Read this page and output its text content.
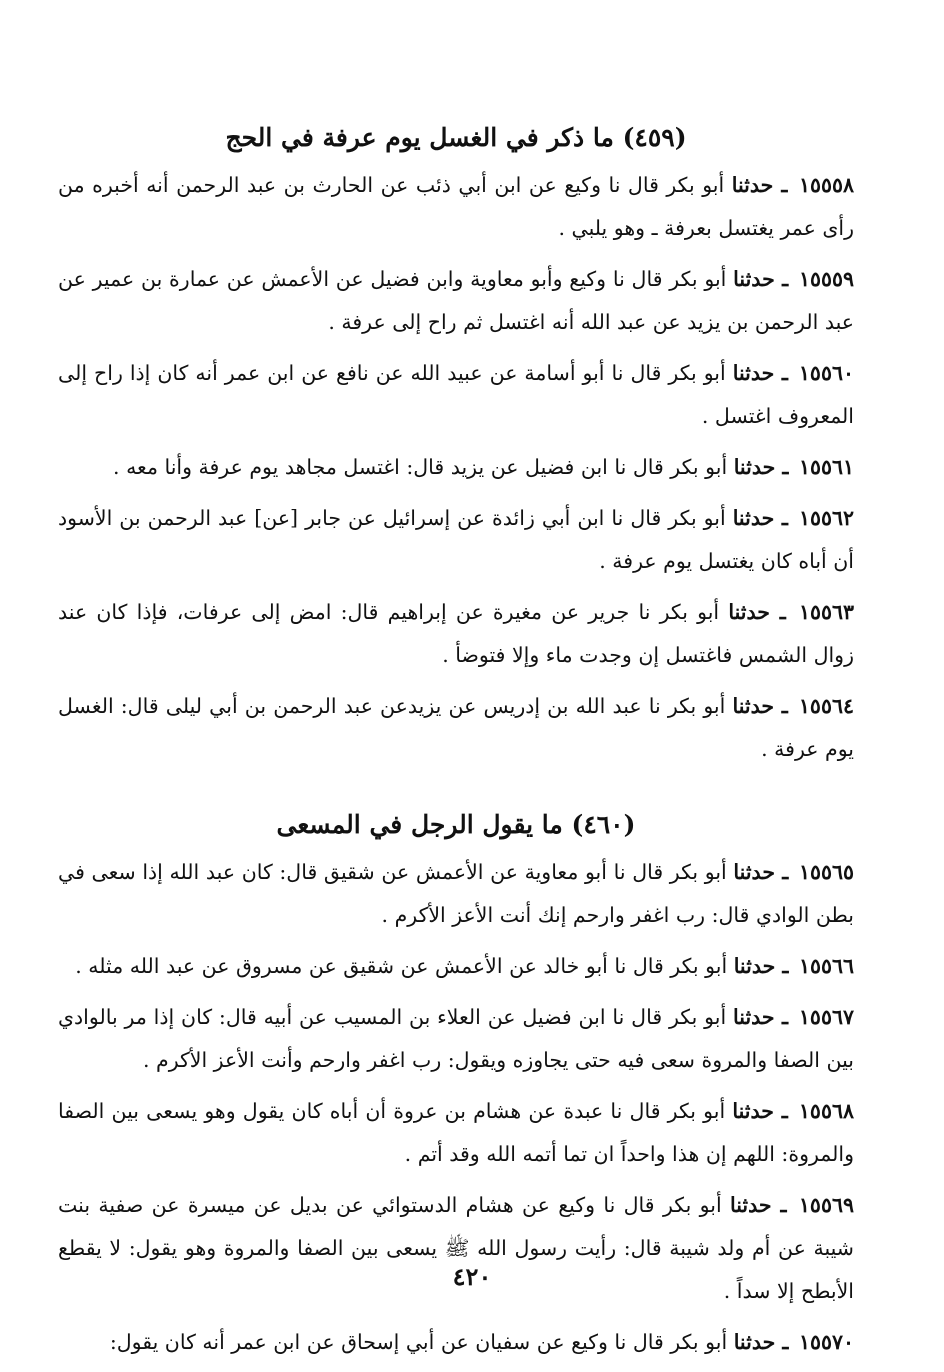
(٤٥٩) ما ذكر في الغسل يوم عرفة في الحج

١٥٥٥٨ ـ حدثنا أبو بكر قال نا وكيع عن ابن أبي ذئب عن الحارث بن عبد الرحمن أنه أخبره من رأى عمر يغتسل بعرفة ـ وهو يلبي .

١٥٥٥٩ ـ حدثنا أبو بكر قال نا وكيع وأبو معاوية وابن فضيل عن الأعمش عن عمارة بن عمير عن عبد الرحمن بن يزيد عن عبد الله أنه اغتسل ثم راح إلى عرفة .

١٥٥٦٠ ـ حدثنا أبو بكر قال نا أبو أسامة عن عبيد الله عن نافع عن ابن عمر أنه كان إذا راح إلى المعروف اغتسل .

١٥٥٦١ ـ حدثنا أبو بكر قال نا ابن فضيل عن يزيد قال: اغتسل مجاهد يوم عرفة وأنا معه .

١٥٥٦٢ ـ حدثنا أبو بكر قال نا ابن أبي زائدة عن إسرائيل عن جابر [عن] عبد الرحمن بن الأسود أن أباه كان يغتسل يوم عرفة .

١٥٥٦٣ ـ حدثنا أبو بكر نا جرير عن مغيرة عن إبراهيم قال: امض إلى عرفات، فإذا كان عند زوال الشمس فاغتسل إن وجدت ماء وإلا فتوضأ .

١٥٥٦٤ ـ حدثنا أبو بكر نا عبد الله بن إدريس عن يزيدعن عبد الرحمن بن أبي ليلى قال: الغسل يوم عرفة .

(٤٦٠) ما يقول الرجل في المسعى

١٥٥٦٥ ـ حدثنا أبو بكر قال نا أبو معاوية عن الأعمش عن شقيق قال: كان عبد الله إذا سعى في بطن الوادي قال: رب اغفر وارحم إنك أنت الأعز الأكرم .

١٥٥٦٦ ـ حدثنا أبو بكر قال نا أبو خالد عن الأعمش عن شقيق عن مسروق عن عبد الله مثله .

١٥٥٦٧ ـ حدثنا أبو بكر قال نا ابن فضيل عن العلاء بن المسيب عن أبيه قال: كان إذا مر بالوادي بين الصفا والمروة سعى فيه حتى يجاوزه ويقول: رب اغفر وارحم وأنت الأعز الأكرم .

١٥٥٦٨ ـ حدثنا أبو بكر قال نا عبدة عن هشام بن عروة أن أباه كان يقول وهو يسعى بين الصفا والمروة: اللهم إن هذا واحداً ان تما أتمه الله وقد أتم .

١٥٥٦٩ ـ حدثنا أبو بكر قال نا وكيع عن هشام الدستوائي عن بديل عن ميسرة عن صفية بنت شيبة عن أم ولد شيبة قال: رأيت رسول الله ﷺ يسعى بين الصفا والمروة وهو يقول: لا يقطع الأبطح إلا سداً .

١٥٥٧٠ ـ حدثنا أبو بكر قال نا وكيع عن سفيان عن أبي إسحاق عن ابن عمر أنه كان يقول:

٤٢٠
